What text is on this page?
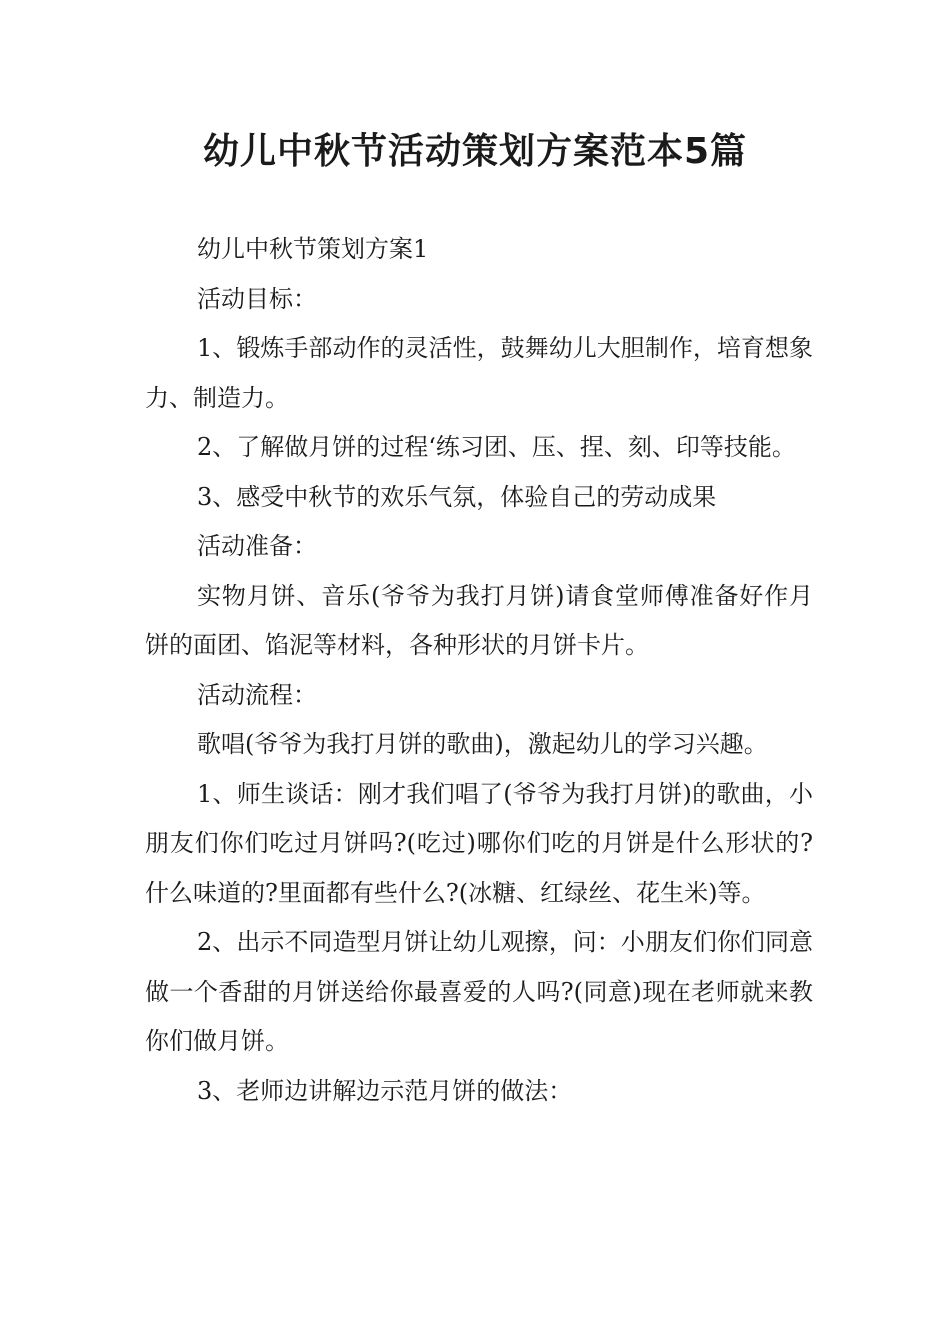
幼儿中秋节活动策划方案范本5篇

幼儿中秋节策划方案1

活动目标：

1、锻炼手部动作的灵活性，鼓舞幼儿大胆制作，培育想象力、制造力。

2、了解做月饼的过程‘练习团、压、捏、刻、印等技能。

3、感受中秋节的欢乐气氛，体验自己的劳动成果

活动准备：

实物月饼、音乐(爷爷为我打月饼)请食堂师傅准备好作月饼的面团、馅泥等材料，各种形状的月饼卡片。

活动流程：

歌唱(爷爷为我打月饼的歌曲)，激起幼儿的学习兴趣。

1、师生谈话：刚才我们唱了(爷爷为我打月饼)的歌曲，小朋友们你们吃过月饼吗?(吃过)哪你们吃的月饼是什么形状的?什么味道的?里面都有些什么?(冰糖、红绿丝、花生米)等。

2、出示不同造型月饼让幼儿观擦，问：小朋友们你们同意做一个香甜的月饼送给你最喜爱的人吗?(同意)现在老师就来教你们做月饼。

3、老师边讲解边示范月饼的做法：
